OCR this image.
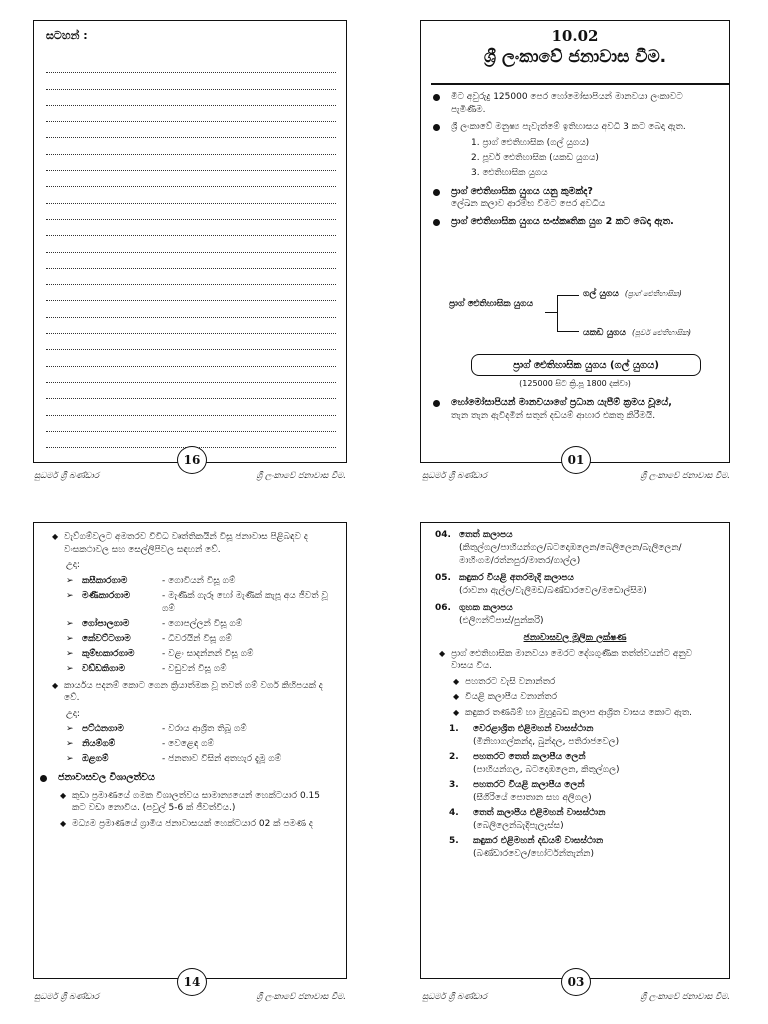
සටහන් :
16
සුධර්ම ශ්‍රී බණ්ඩාර	ශ්‍රී ලංකාවේ ජනාවාස වීම.
10.02
ශ්‍රී ලංකාවේ ජනාවාස වීම.
මීට අවුරුදු 125000 පෙර හෝමෝසාපියන් මානවයා ලංකාවට පැමිණීම.
ශ්‍රී ලංකාවේ මනුෂ්‍ය පැවැත්මේ ඉතිහාසය අවධි 3 කට බෙදා ඇත.
1. ප්‍රාග් ඓතිහාසික (ගල් යුගය)
2. පූර්ව ඓතිහාසික (යකඩ යුගය)
3. ඓතිහාසික යුගය
ප්‍රාග් ඓතිහාසික යුගය යනු කුමක්ද?
ලේඛන කලාව ආරම්භ වීමට පෙර අවධිය
ප්‍රාග් ඓතිහාසික යුගය සංස්කෘතික යුග 2 කට බෙදා ඇත.
ප්‍රාග් ඓතිහාසික යුගය
ගල් යුගය (ප්‍රාග් ඓතිහාසික)
යකඩ යුගය (පූර්ව ඓතිහාසික)
ප්‍රාග් ඓතිහාසික යුගය (ගල් යුගය)
(125000 සිට ක්‍රි.පූ 1800 දක්වා)
හෝමෝසාපියන් මානවයාගේ ප්‍රධාන යැපීම් ක්‍රමය වූයේ,
තැන තැන ඇවිදමින් සතුන් දඩයම් ආහාර එකතු කිරීමයි.
01
සුධර්ම ශ්‍රී බණ්ඩාර	ශ්‍රී ලංකාවේ ජනාවාස වීම.
◆ වැව්ගම්වලට අමතරව විවිධ වෘත්තිකයින් විසූ ජනාවාස පිළිබඳව ද වංසකථාවල සහ සෙල්ලිපිවල සඳහන් වේ.
උදා:
➢ කසීකාරගාම	- ගොවියන් විසූ ගම්
➢ මණිකාරගාම	- මැණික් ගැරූ හෝ මැණික් කැපූ අය ජීවත් වූ ගම්
➢ ගෝපාලගාම	- ගොපල්ලන් විසූ ගම්
➢ කේවට්ටගාම	- ධීවරයින් විසූ ගම්
➢ කුම්භකාරගාම	- වළං සාදන්නන් විසූ ගම්
➢ වඩ්ඩකිගාම	- වඩුවන් විසූ ගම්
◆ කාර්යය පදනම් කොට ගෙන ක්‍රියාත්මක වූ තවත් ගම් වර්ග කිහිපයක් ද වේ.
උදා:
➢ පට්ඨනගාම	- වරාය ආශ්‍රිත තිබූ ගම්
➢ නියම්ගම්	- වෙළෙඳ ගම්
➢ ඔළගම්	- ජනතාව විසින් අතහැර දැමූ ගම්
ජනාවාසවල විශාලත්වය
◆ කුඩා ප්‍රමාණයේ ගමක විශාලත්වය සාමාන්‍යයෙන් හෙක්ටයාර 0.15 කට වඩා නොවිය. (පවුල් 5-6 ක් ජීවත්විය.)
◆ මධ්‍යම ප්‍රමාණයේ ග්‍රාමීය ජනාවාසයක් හෙක්ටයාර 02 ක් පමණ ද
14
සුධර්ම ශ්‍රී බණ්ඩාර	ශ්‍රී ලංකාවේ ජනාවාස වීම.
04. තෙත් කලාපය
(කිතුල්ගල/පාහියන්ගල/බටදොඹලෙන/බෙලිලෙන/බැලිලෙන/මාහිංගම/රත්නපුර/මාතර/ගාල්ල)
05. කඳුකර වියළි අතරමැදි කලාපය
(රාවනා ඇල්ල/වැලිමඩ/බණ්ඩාරවෙල/මඩොල්සිම)
06. ගුහක කලාපය
(එලිෆන්ට්පාස්/පුන්කරි)
ජනාවාසවල මූලික ලක්ෂණ
◆ ප්‍රාග් ඓතිහාසික මානවයා මෙරට දේශගුණික තත්ත්වයන්ට අනුව වාසය විය.
◆ පහතරට වැසි වනාන්තර
◆ වියළි කලාපීය වනාන්තර
◆ කඳුකර තණබිම් හා මුහුදුබඩ කලාප ආශ්‍රිත වාසය කොට ඇත.
1.	වෙරළාශ්‍රිත එළිමහන් වාසස්ථාන
(මිනිහාගල්කන්ද, බුන්දල, පතිරාජවෙල)
2.	පහතරට තෙත් කලාපීය ලෙන්
(පාහියන්ගල, බටදොඹලෙන, කිතුල්ගල)
3.	පහතරට වියළි කලාපීය ලෙන්
(සීගිරියේ පොතාන සහ අලිගල)
4.	තෙත් කලාපීය එළිමහන් වාසස්ථාන
(බෙලිලෙන්බැදිපැලැස්ස)
5.	කඳුකර එළිමහන් දඩයම් වාසස්ථාන
(බණ්ඩාරවෙල/හෝර්ටන්තැන්න)
03
සුධර්ම ශ්‍රී බණ්ඩාර	ශ්‍රී ලංකාවේ ජනාවාස වීම.
